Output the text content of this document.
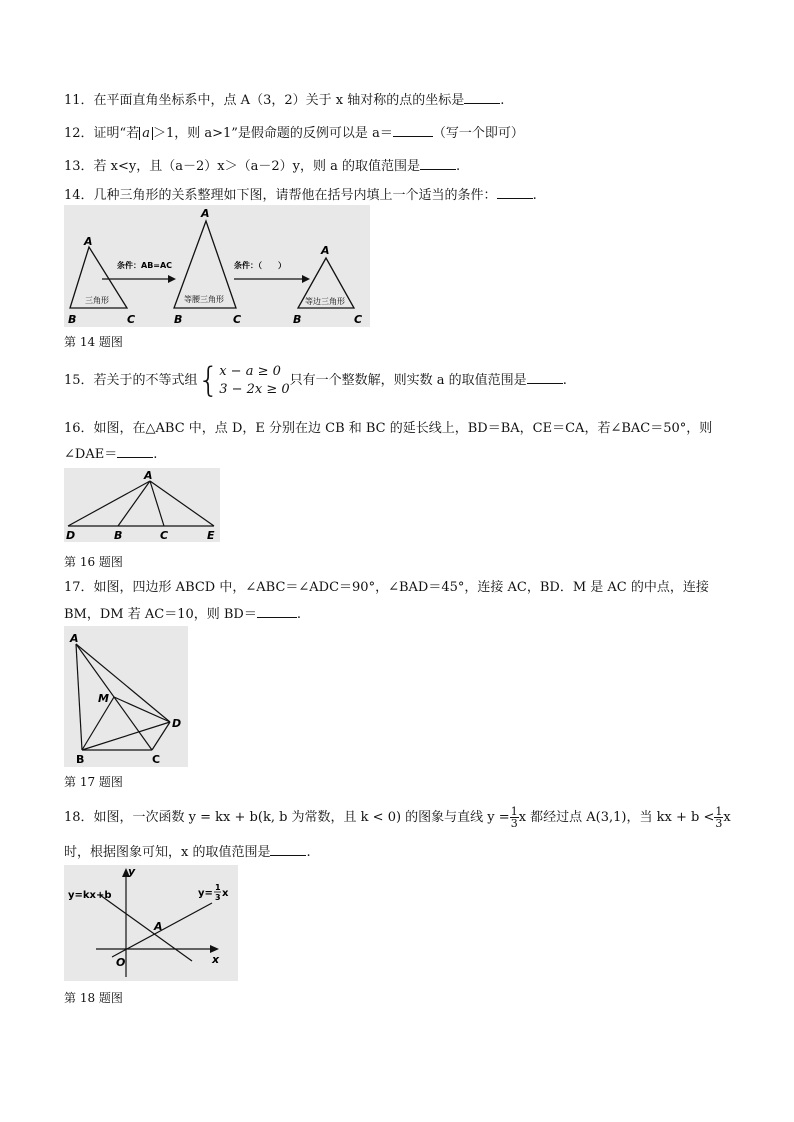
11．在平面直角坐标系中，点 A（3，2）关于 x 轴对称的点的坐标是	.
12．证明“若 a ＞1，则 a>1”是假命题的反例可以是 a＝	（写一个即可）
13．若 x<y，且（a－2）x＞（a－2）y，则 a 的取值范围是	.
14．几种三角形的关系整理如下图，请帮他在括号内填上一个适当的条件：	.
A
B	C
三角形
条件：AB=AC
A
B	C
等腰三角形
条件：（　　）
A
B	C
等边三角形
第 14 题图
15．若关于的不等式组{ x − a ≥ 0
3 − 2x ≥ 0
只有一个整数解，则实数 a 的取值范围是	.
16．如图，在△ABC 中，点 D，E 分别在边 CB 和 BC 的延长线上，BD＝BA，CE＝CA，若∠BAC＝50°，则
∠DAE＝	.
A
D	B	C	E
第 16 题图
17．如图，四边形 ABCD 中，∠ABC＝∠ADC＝90°，∠BAD＝45°，连接 AC，BD．M 是 AC 的中点，连接
BM，DM 若 AC＝10，则 BD＝	.
A
M
D
B	C
第 17 题图
18．如图，一次函数 y = kx + b(k, b 为常数，且 k < 0) 的图象与直线 $y = \frac{1}{3}$ x 都经过点 A(3,1)，当 kx + $b < \frac{1}{3}$ x
时，根据图象可知，x 的取值范围是	.
y
x
O
A
y=kx+b	y=
1
3 x
第 18 题图
